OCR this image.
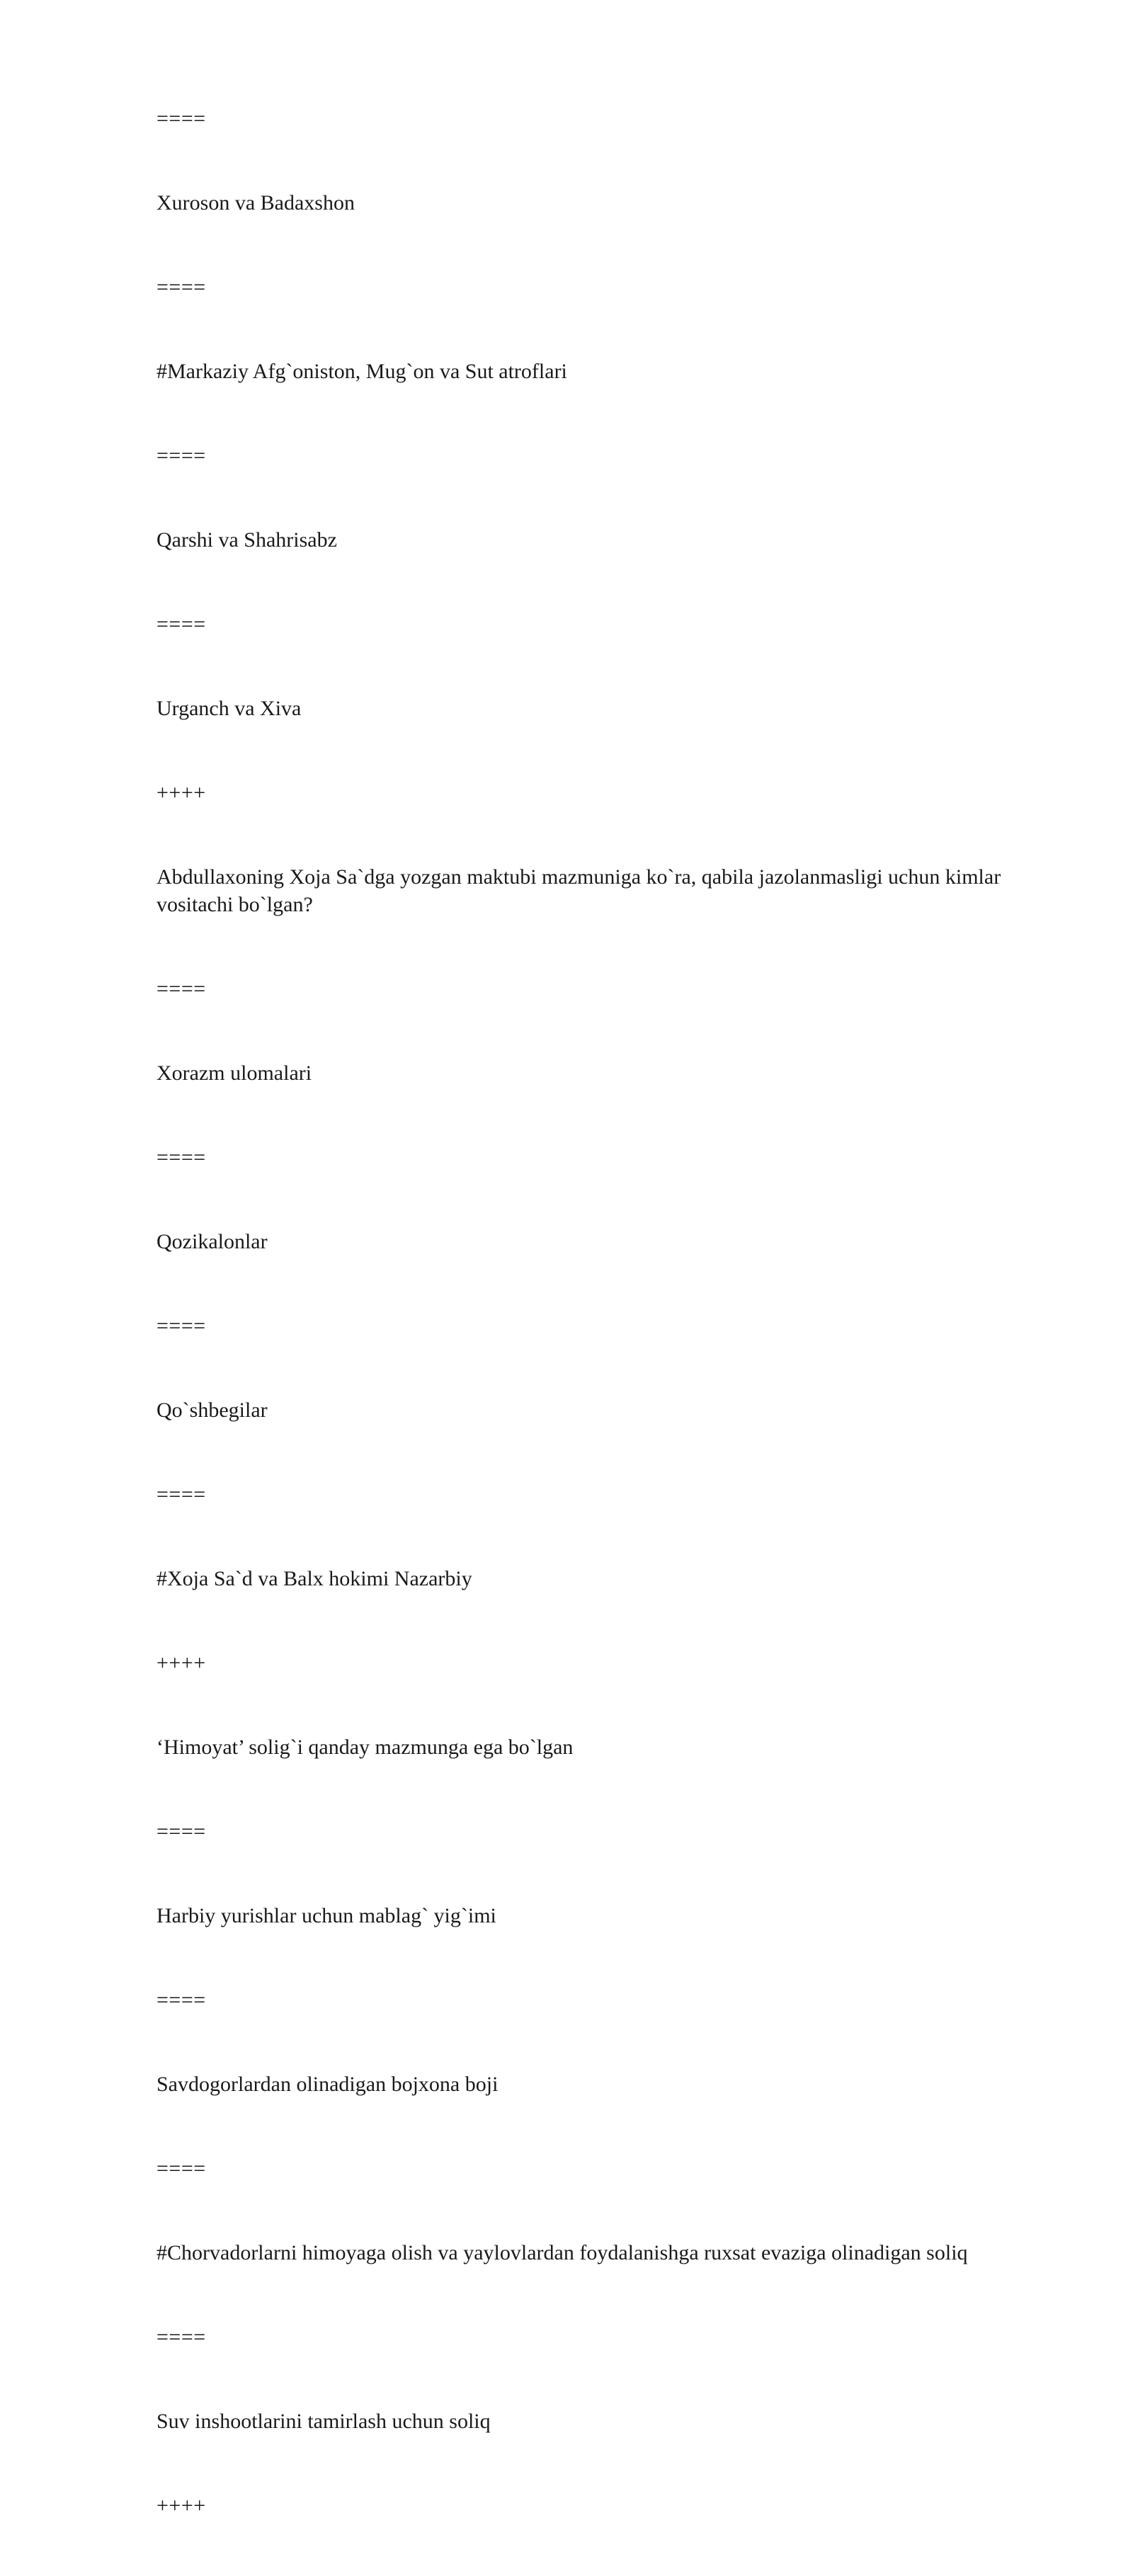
====

Xuroson va Badaxshon

====

#Markaziy Afg`oniston, Mug`on va Sut atroflari

====

Qarshi va Shahrisabz

====

Urganch va Xiva

++++

Abdullaxoning Xoja Sa`dga yozgan maktubi mazmuniga ko`ra, qabila jazolanmasligi uchun kimlar vositachi bo`lgan?

====

Xorazm ulomalari

====

Qozikalonlar

====

Qo`shbegilar

====

#Xoja Sa`d va Balx hokimi Nazarbiy

++++

‘Himoyat’ solig`i qanday mazmunga ega bo`lgan

====

Harbiy yurishlar uchun mablag` yig`imi

====

Savdogorlardan olinadigan bojxona boji

====

#Chorvadorlarni himoyaga olish va yaylovlardan foydalanishga ruxsat evaziga olinadigan soliq

====

Suv inshootlarini tamirlash uchun soliq

++++
